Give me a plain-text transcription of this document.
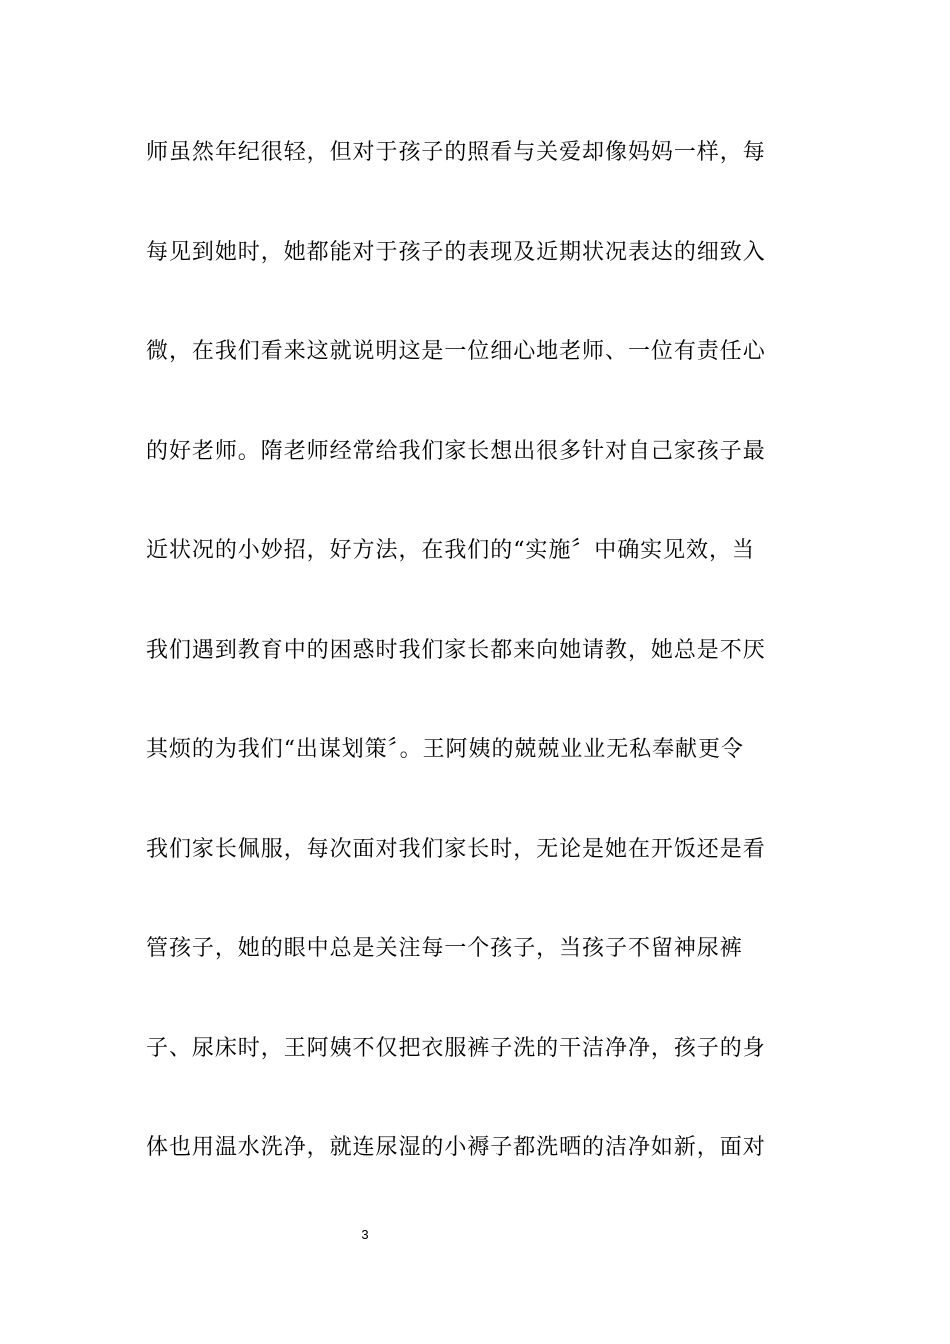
师虽然年纪很轻，但对于孩子的照看与关爱却像妈妈一样，每
每见到她时，她都能对于孩子的表现及近期状况表达的细致入
微，在我们看来这就说明这是一位细心地老师、一位有责任心
的好老师。隋老师经常给我们家长想出很多针对自己家孩子最
近状况的小妙招，好方法，在我们的“实施〞中确实见效，当
我们遇到教育中的困惑时我们家长都来向她请教，她总是不厌
其烦的为我们“出谋划策〞。王阿姨的兢兢业业无私奉献更令
我们家长佩服，每次面对我们家长时，无论是她在开饭还是看
管孩子，她的眼中总是关注每一个孩子，当孩子不留神尿裤
子、尿床时，王阿姨不仅把衣服裤子洗的干洁净净，孩子的身
体也用温水洗净，就连尿湿的小褥子都洗晒的洁净如新，面对
3
